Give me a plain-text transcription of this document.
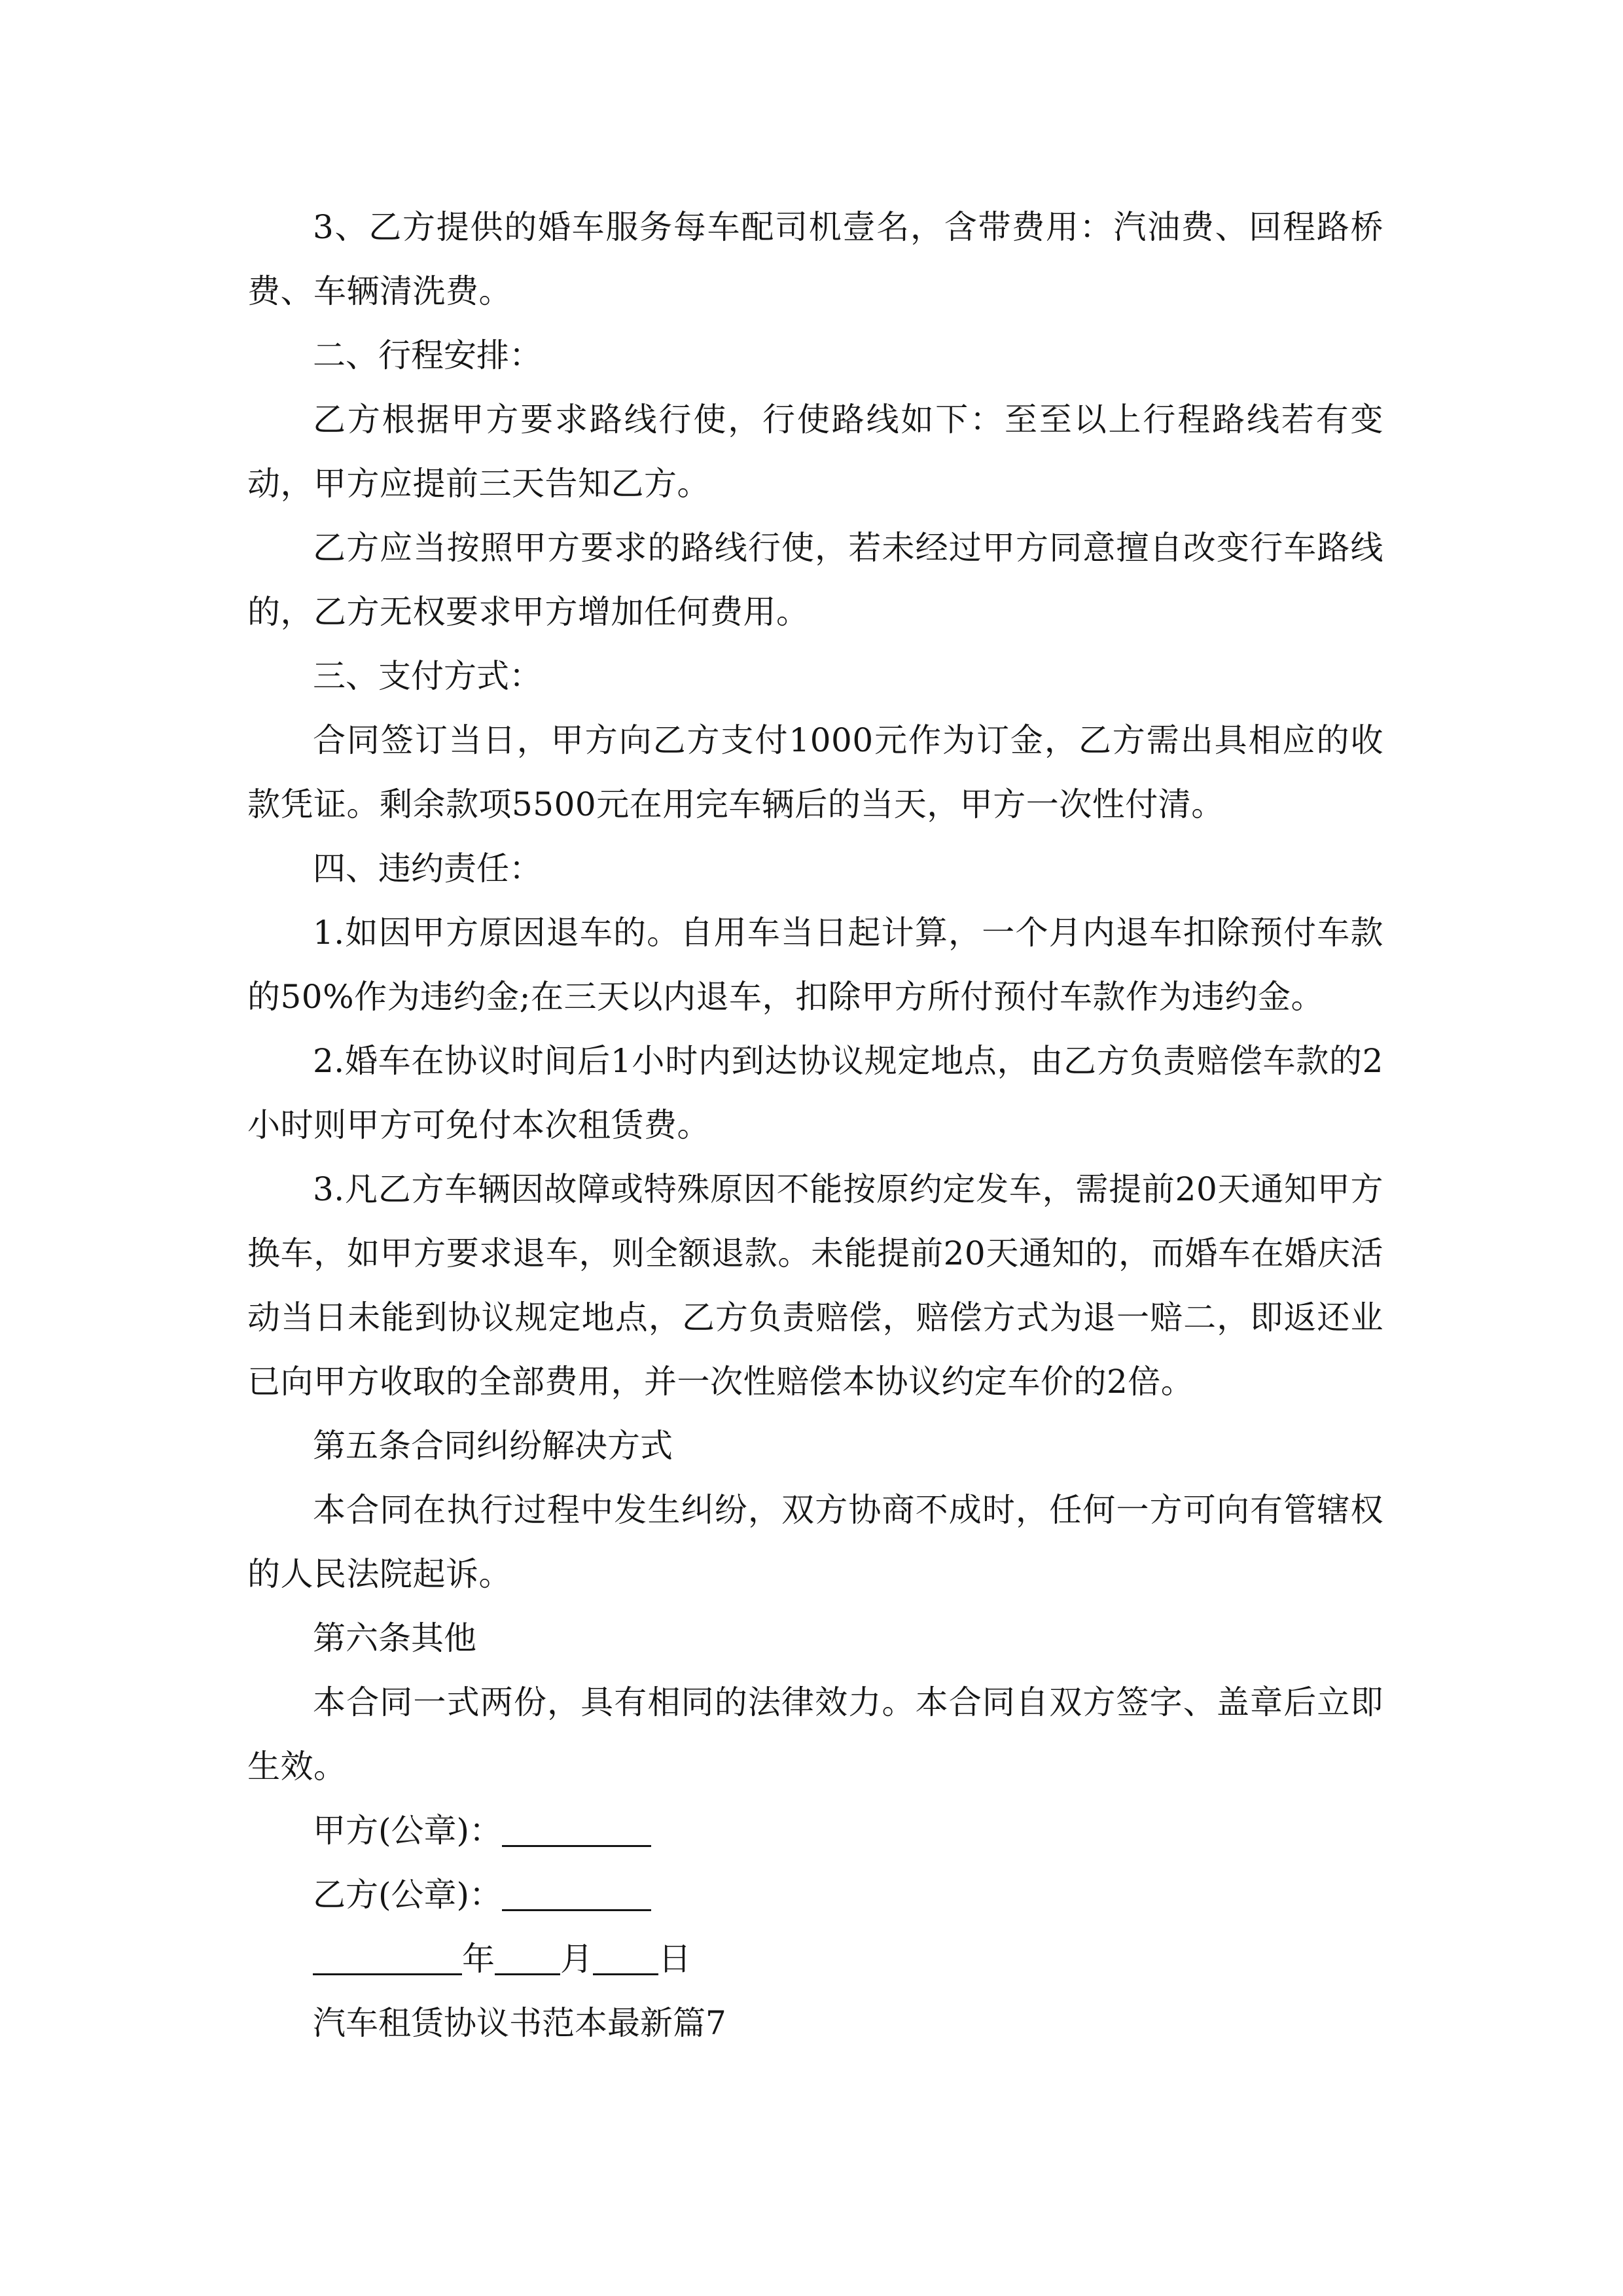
3、乙方提供的婚车服务每车配司机壹名，含带费用：汽油费、回程路桥费、车辆清洗费。

二、行程安排：

乙方根据甲方要求路线行使，行使路线如下：至至以上行程路线若有变动，甲方应提前三天告知乙方。

乙方应当按照甲方要求的路线行使，若未经过甲方同意擅自改变行车路线的，乙方无权要求甲方增加任何费用。

三、支付方式：

合同签订当日，甲方向乙方支付1000元作为订金，乙方需出具相应的收款凭证。剩余款项5500元在用完车辆后的当天，甲方一次性付清。

四、违约责任：

1.如因甲方原因退车的。自用车当日起计算，一个月内退车扣除预付车款的50%作为违约金;在三天以内退车，扣除甲方所付预付车款作为违约金。

2.婚车在协议时间后1小时内到达协议规定地点，由乙方负责赔偿车款的2小时则甲方可免付本次租赁费。

3.凡乙方车辆因故障或特殊原因不能按原约定发车，需提前20天通知甲方换车，如甲方要求退车，则全额退款。未能提前20天通知的，而婚车在婚庆活动当日未能到协议规定地点，乙方负责赔偿，赔偿方式为退一赔二，即返还业已向甲方收取的全部费用，并一次性赔偿本协议约定车价的2倍。

第五条合同纠纷解决方式

本合同在执行过程中发生纠纷，双方协商不成时，任何一方可向有管辖权的人民法院起诉。

第六条其他

本合同一式两份，具有相同的法律效力。本合同自双方签字、盖章后立即生效。

甲方(公章)：

乙方(公章)：

年 月 日

汽车租赁协议书范本最新篇7
